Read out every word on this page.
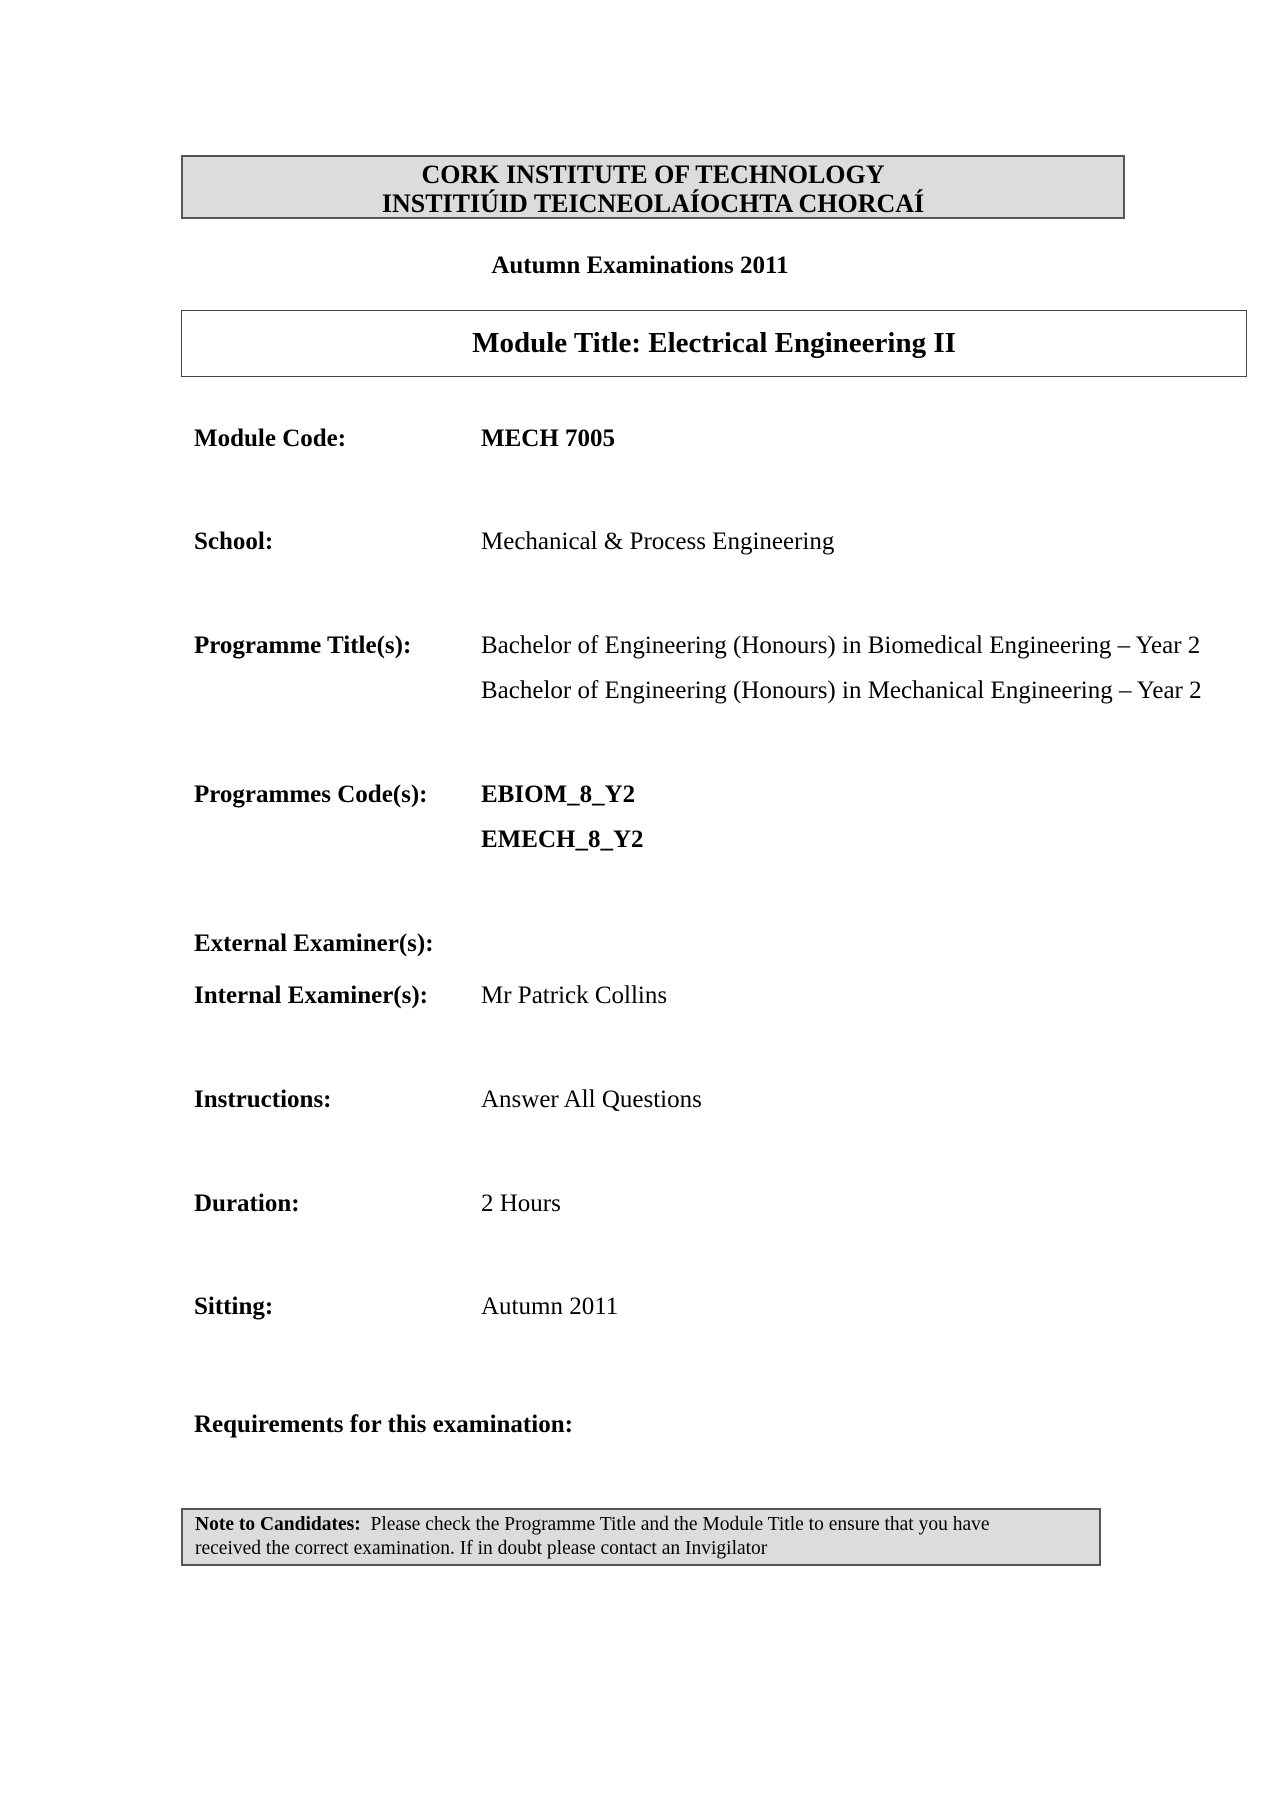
CORK INSTITUTE OF TECHNOLOGY
INSTITIÚID TEICNEOLAÍOCHTA CHORCAÍ
Autumn Examinations 2011
Module Title: Electrical Engineering II
Module Code:	MECH 7005
School:	Mechanical & Process Engineering
Programme Title(s):	Bachelor of Engineering (Honours) in Biomedical Engineering – Year 2
Bachelor of Engineering (Honours) in Mechanical Engineering – Year 2
Programmes Code(s): EBIOM_8_Y2
EMECH_8_Y2
External Examiner(s):
Internal Examiner(s): Mr Patrick Collins
Instructions:	Answer All Questions
Duration:	2 Hours
Sitting:	Autumn 2011
Requirements for this examination:
Note to Candidates: Please check the Programme Title and the Module Title to ensure that you have
received the correct examination. If in doubt please contact an Invigilator
